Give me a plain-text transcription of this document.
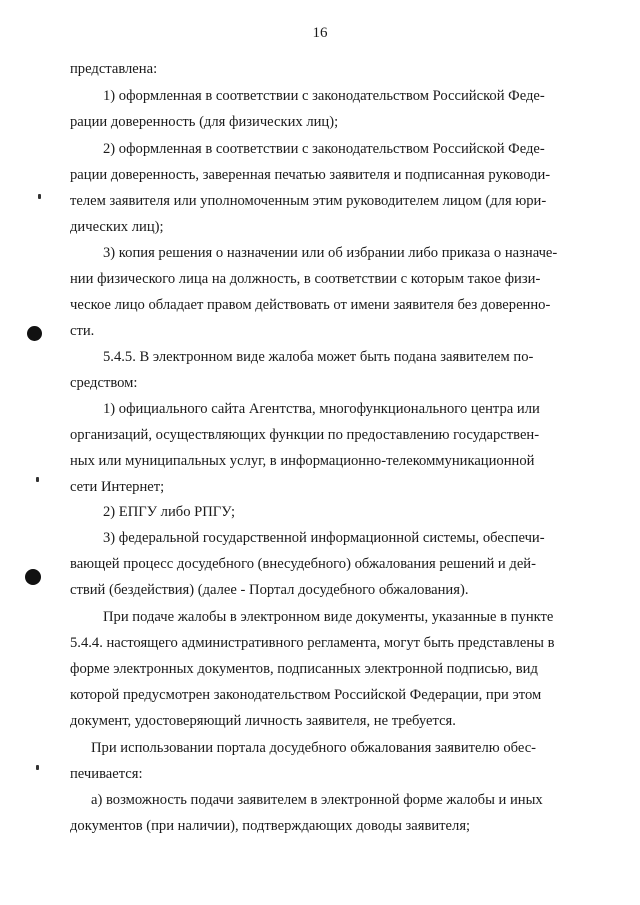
16
представлена:
1) оформленная в соответствии с законодательством Российской Феде-
рации доверенность (для физических лиц);
2) оформленная в соответствии с законодательством Российской Феде-
рации доверенность, заверенная печатью заявителя и подписанная руководи-
телем заявителя или уполномоченным этим руководителем лицом (для юри-
дических лиц);
3) копия решения о назначении или об избрании либо приказа о назначе-
нии физического лица на должность, в соответствии с которым такое физи-
ческое лицо обладает правом действовать от имени заявителя без доверенно-
сти.
5.4.5. В электронном виде жалоба может быть подана заявителем по-
средством:
1) официального сайта Агентства, многофункционального центра или
организаций, осуществляющих функции по предоставлению государствен-
ных или муниципальных услуг, в информационно-телекоммуникационной
сети Интернет;
2) ЕПГУ либо РПГУ;
3) федеральной государственной информационной системы, обеспечи-
вающей процесс досудебного (внесудебного) обжалования решений и дей-
ствий (бездействия) (далее - Портал досудебного обжалования).
При подаче жалобы в электронном виде документы, указанные в пункте
5.4.4. настоящего административного регламента, могут быть представлены в
форме электронных документов, подписанных электронной подписью, вид
которой предусмотрен законодательством Российской Федерации, при этом
документ, удостоверяющий личность заявителя, не требуется.
При использовании портала досудебного обжалования заявителю обес-
печивается:
а) возможность подачи заявителем в электронной форме жалобы и иных
документов (при наличии), подтверждающих доводы заявителя;
